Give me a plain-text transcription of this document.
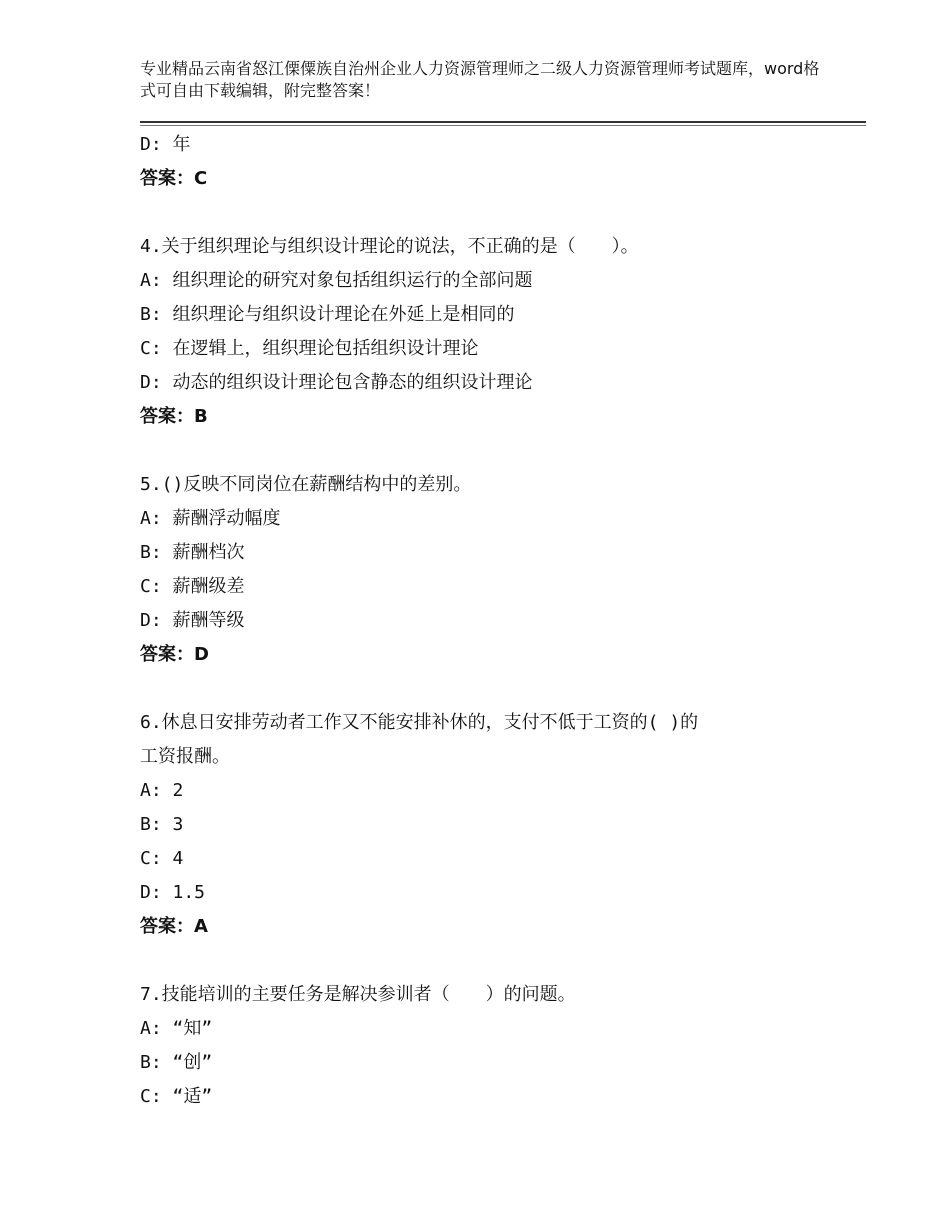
专业精品云南省怒江傈僳族自治州企业人力资源管理师之二级人力资源管理师考试题库，word格式可自由下载编辑，附完整答案！
D: 年
答案：C
4.关于组织理论与组织设计理论的说法，不正确的是（　　）。
A: 组织理论的研究对象包括组织运行的全部问题
B: 组织理论与组织设计理论在外延上是相同的
C: 在逻辑上，组织理论包括组织设计理论
D: 动态的组织设计理论包含静态的组织设计理论
答案：B
5.()反映不同岗位在薪酬结构中的差别。
A: 薪酬浮动幅度
B: 薪酬档次
C: 薪酬级差
D: 薪酬等级
答案：D
6.休息日安排劳动者工作又不能安排补休的，支付不低于工资的( )的
工资报酬。
A: 2
B: 3
C: 4
D: 1.5
答案：A
7.技能培训的主要任务是解决参训者（　　）的问题。
A: “知”
B: “创”
C: “适”
